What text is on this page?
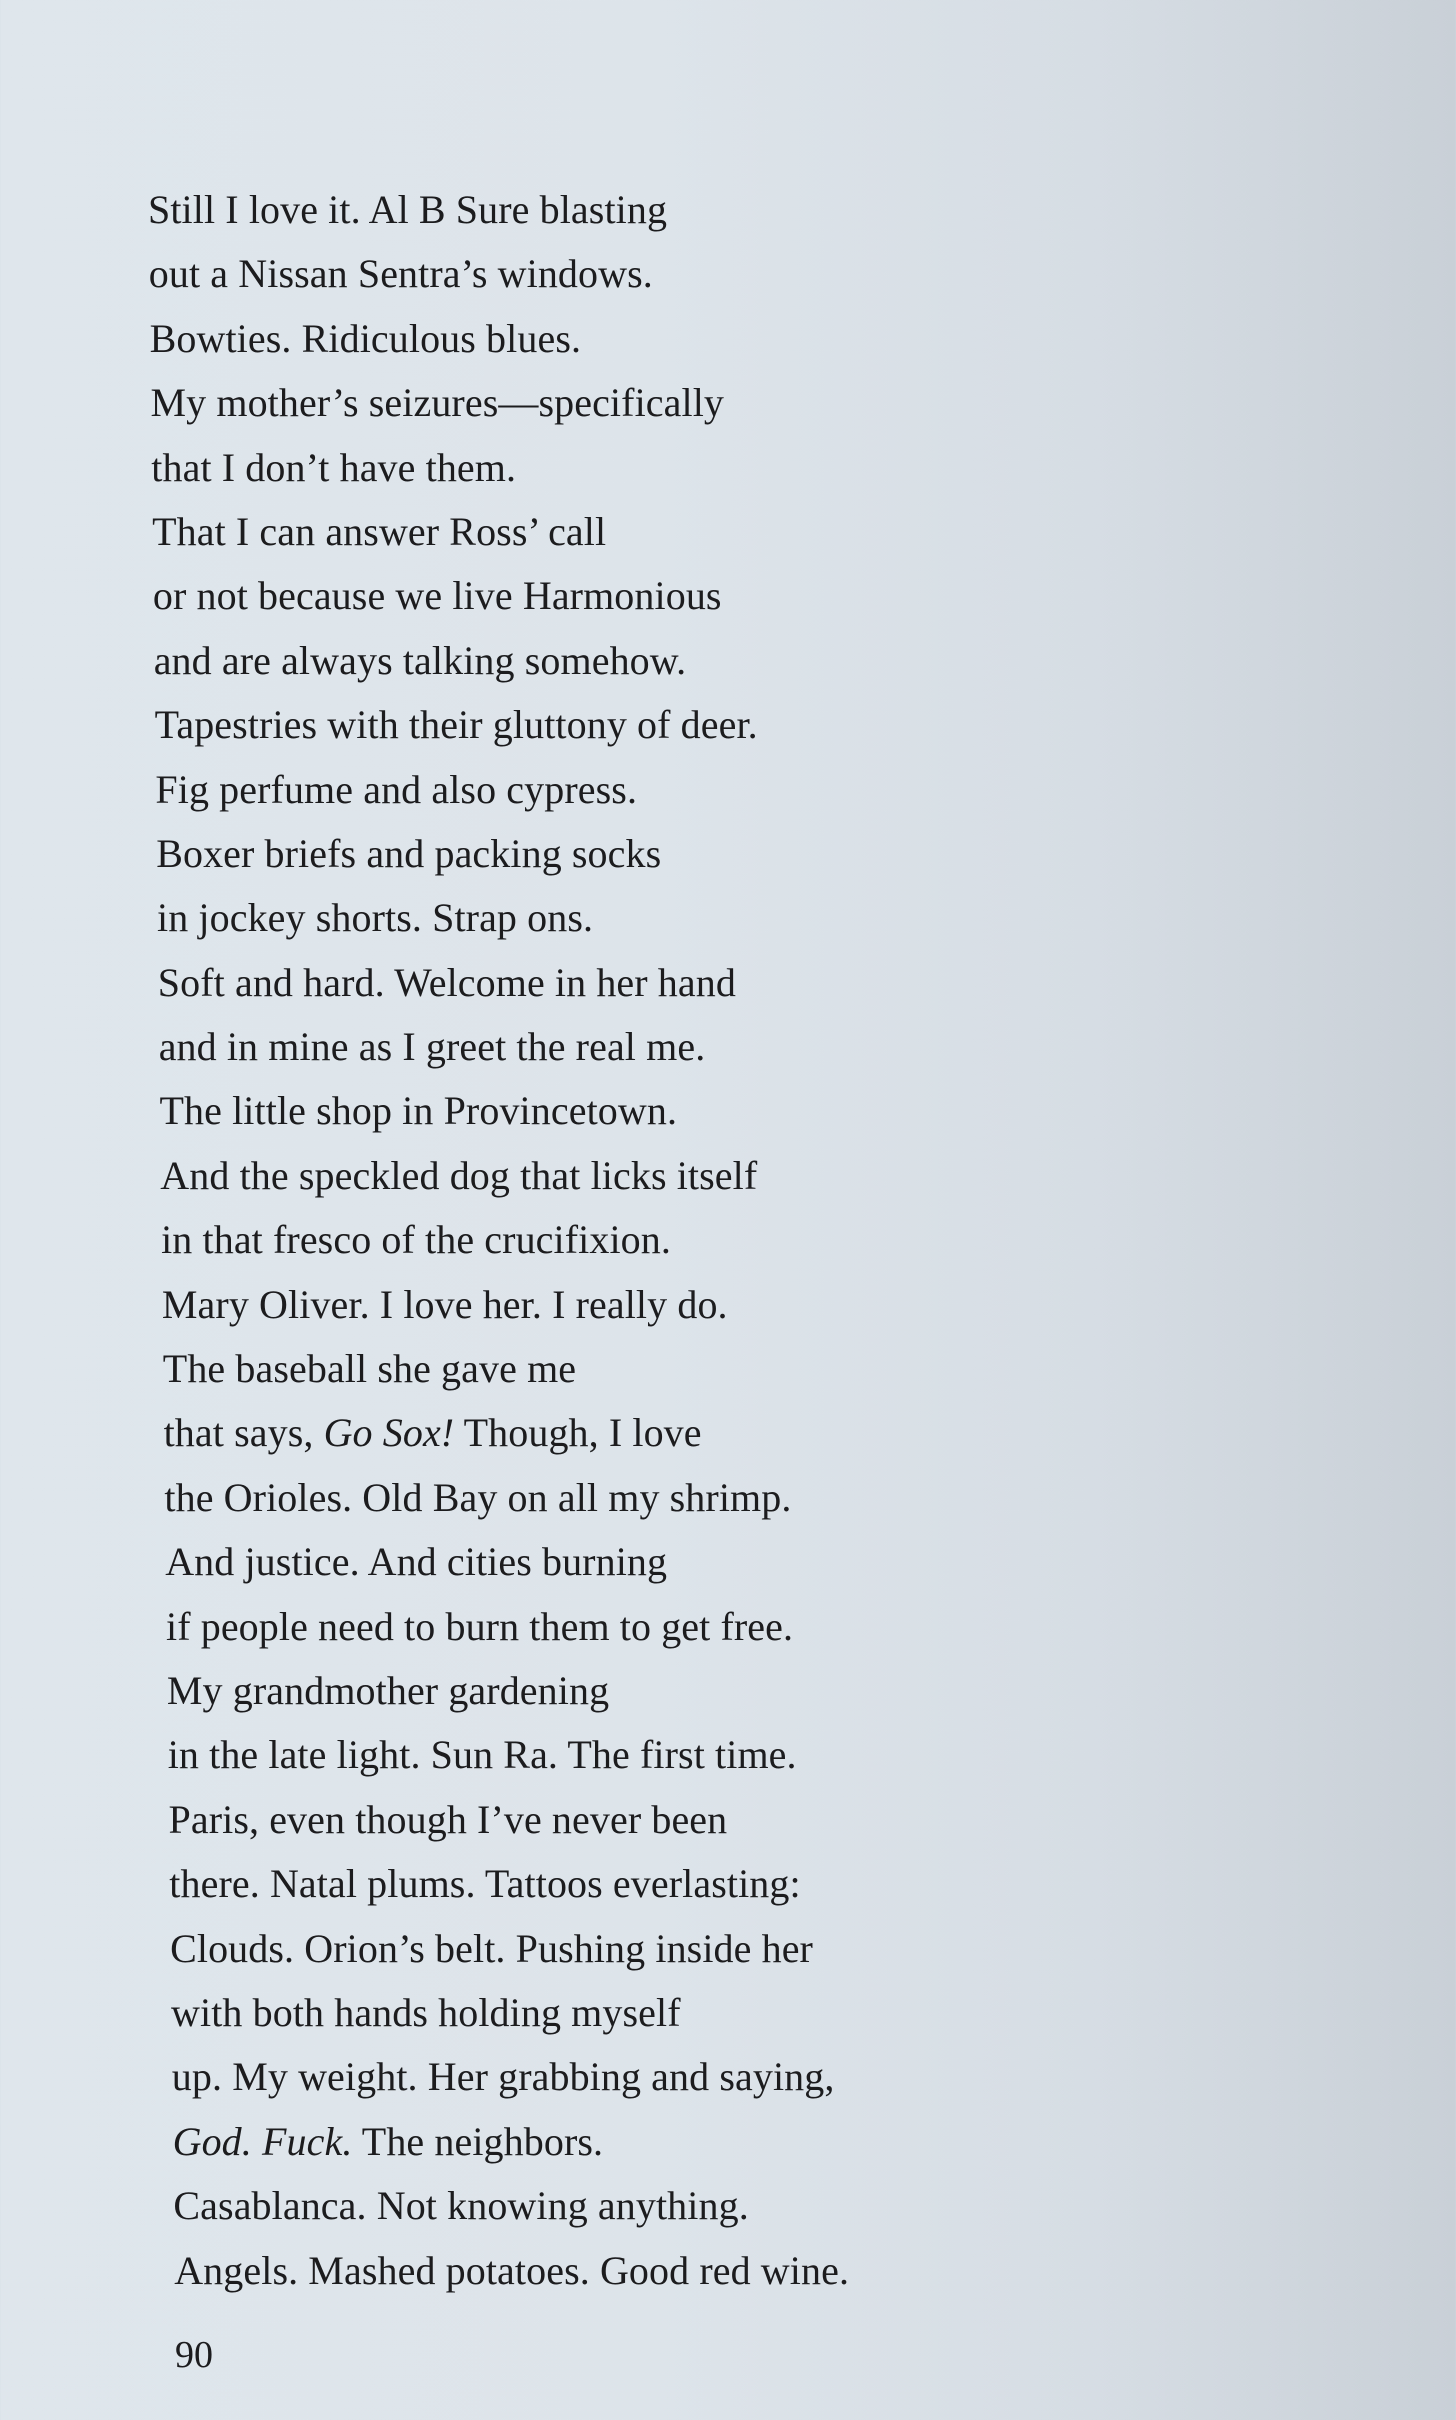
Still I love it. Al B Sure blasting
out a Nissan Sentra’s windows.
Bowties. Ridiculous blues.
My mother’s seizures—specifically
that I don’t have them.
That I can answer Ross’ call
or not because we live Harmonious
and are always talking somehow.
Tapestries with their gluttony of deer.
Fig perfume and also cypress.
Boxer briefs and packing socks
in jockey shorts. Strap ons.
Soft and hard. Welcome in her hand
and in mine as I greet the real me.
The little shop in Provincetown.
And the speckled dog that licks itself
in that fresco of the crucifixion.
Mary Oliver. I love her. I really do.
The baseball she gave me
that says, Go Sox! Though, I love
the Orioles. Old Bay on all my shrimp.
And justice. And cities burning
if people need to burn them to get free.
My grandmother gardening
in the late light. Sun Ra. The first time.
Paris, even though I’ve never been
there. Natal plums. Tattoos everlasting:
Clouds. Orion’s belt. Pushing inside her
with both hands holding myself
up. My weight. Her grabbing and saying,
God. Fuck. The neighbors.
Casablanca. Not knowing anything.
Angels. Mashed potatoes. Good red wine.
90
